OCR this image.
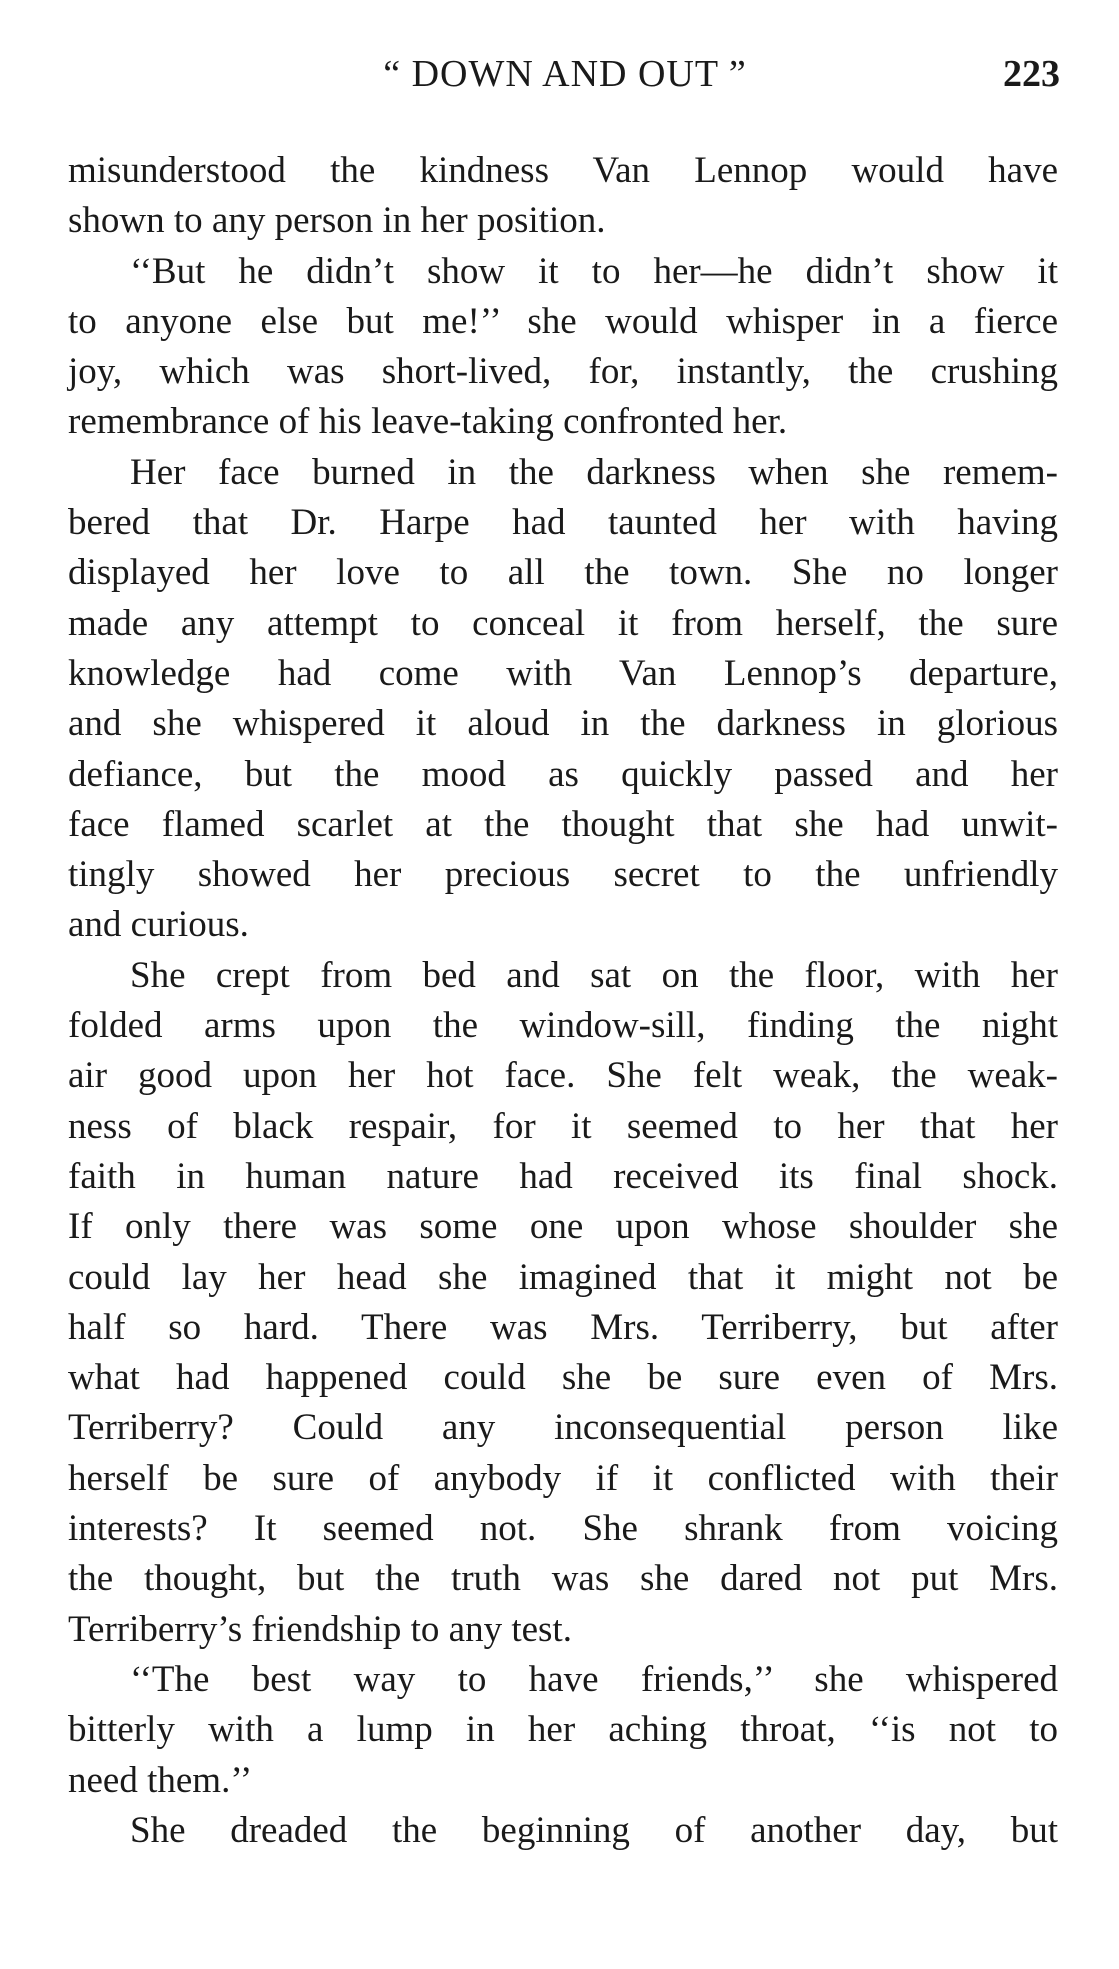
“ DOWN AND OUT ”	223
misunderstood the kindness Van Lennop would have
shown to any person in her position.
‘‘But he didn’t show it to her—he didn’t show it
to anyone else but me!’’ she would whisper in a fierce
joy, which was short-lived, for, instantly, the crushing
remembrance of his leave-taking confronted her.
Her face burned in the darkness when she remem-
bered that Dr. Harpe had taunted her with having
displayed her love to all the town. She no longer
made any attempt to conceal it from herself, the sure
knowledge had come with Van Lennop’s departure,
and she whispered it aloud in the darkness in glorious
defiance, but the mood as quickly passed and her
face flamed scarlet at the thought that she had unwit-
tingly showed her precious secret to the unfriendly
and curious.
She crept from bed and sat on the floor, with her
folded arms upon the window-sill, finding the night
air good upon her hot face. She felt weak, the weak-
ness of black respair, for it seemed to her that her
faith in human nature had received its final shock.
If only there was some one upon whose shoulder she
could lay her head she imagined that it might not be
half so hard. There was Mrs. Terriberry, but after
what had happened could she be sure even of Mrs.
Terriberry? Could any inconsequential person like
herself be sure of anybody if it conflicted with their
interests? It seemed not. She shrank from voicing
the thought, but the truth was she dared not put Mrs.
Terriberry’s friendship to any test.
‘‘The best way to have friends,’’ she whispered
bitterly with a lump in her aching throat, ‘‘is not to
need them.’’
She dreaded the beginning of another day, but
